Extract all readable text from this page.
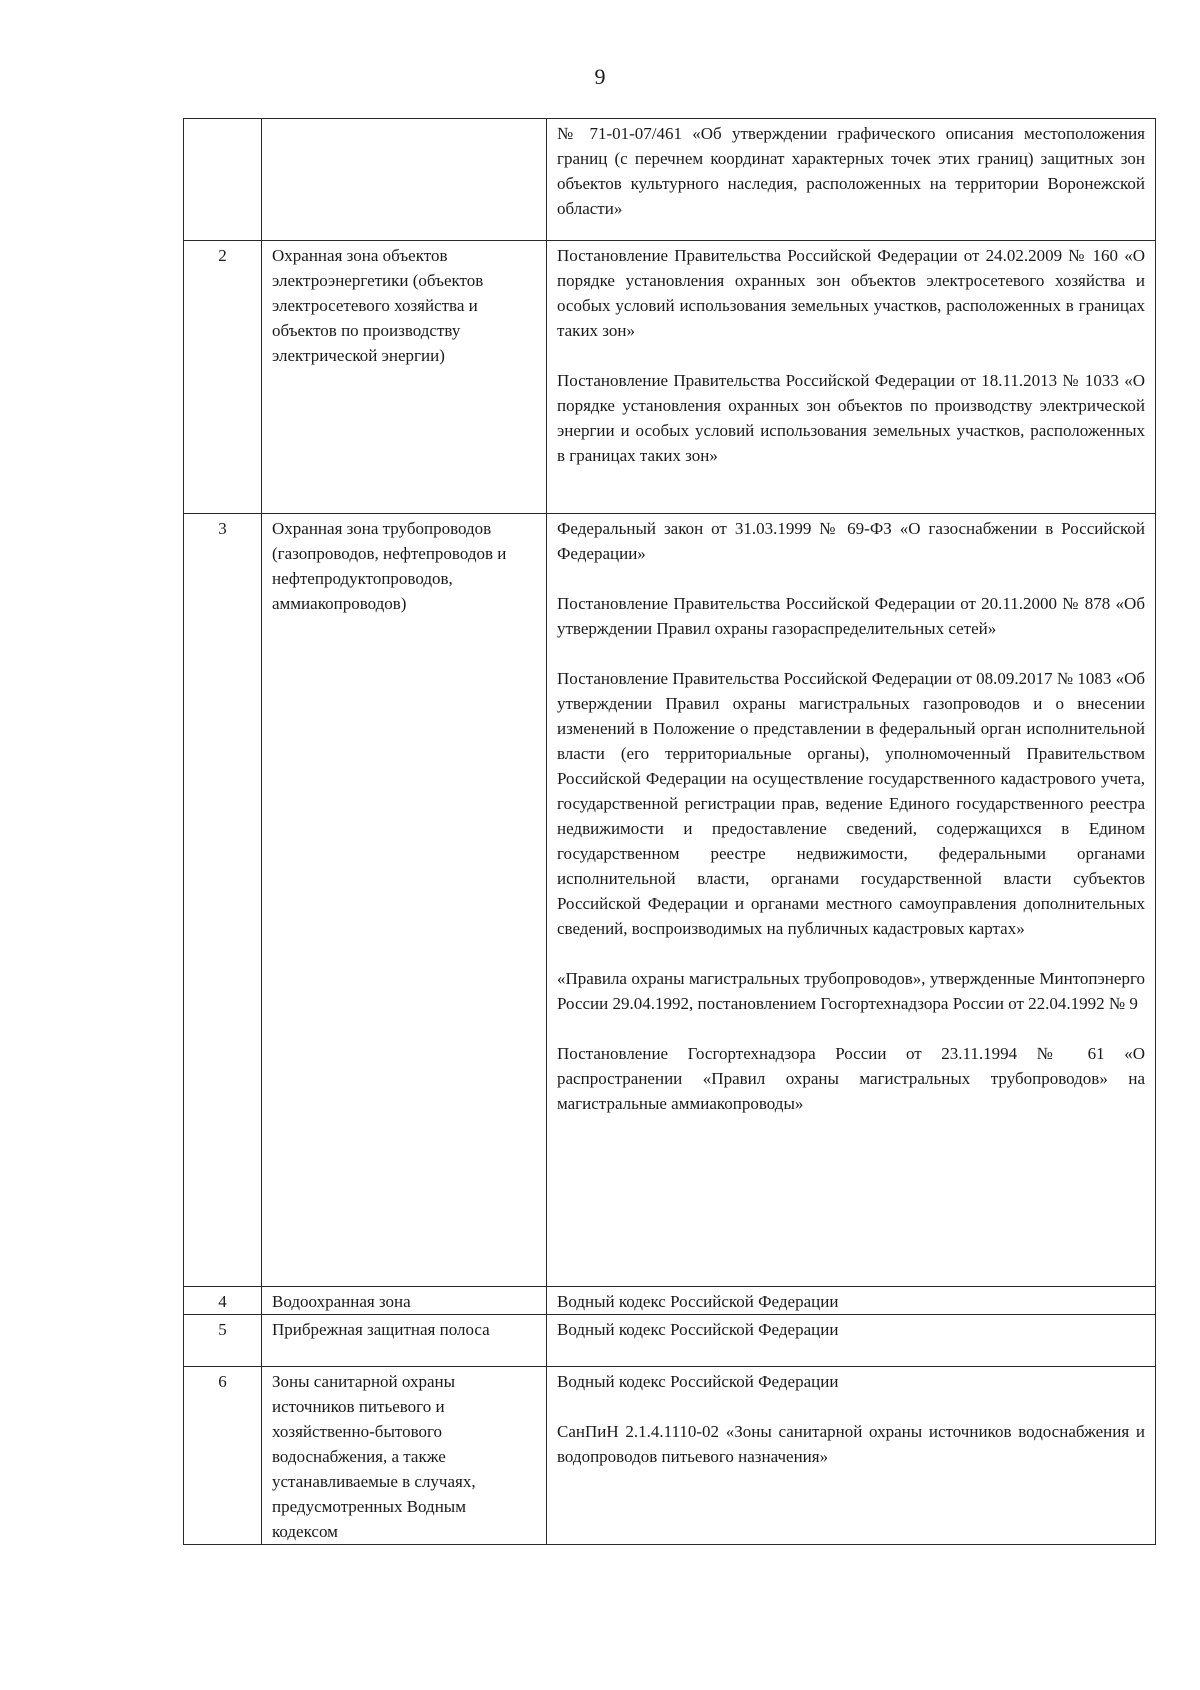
9

		№ 71-01-07/461 «Об утверждении графического описания местоположения границ (с перечнем координат характерных точек этих границ) защитных зон объектов культурного наследия, расположенных на территории Воронежской области»

2	Охранная зона объектов электроэнергетики (объектов электросетевого хозяйства и объектов по производству электрической энергии)	Постановление Правительства Российской Федерации от 24.02.2009 № 160 «О порядке установления охранных зон объектов электросетевого хозяйства и особых условий использования земельных участков, расположенных в границах таких зон»
Постановление Правительства Российской Федерации от 18.11.2013 № 1033 «О порядке установления охранных зон объектов по производству электрической энергии и особых условий использования земельных участков, расположенных в границах таких зон»

3	Охранная зона трубопроводов (газопроводов, нефтепроводов и нефтепродуктопроводов, аммиакопроводов)	Федеральный закон от 31.03.1999 № 69-ФЗ «О газоснабжении в Российской Федерации»
Постановление Правительства Российской Федерации от 20.11.2000 № 878 «Об утверждении Правил охраны газораспределительных сетей»
Постановление Правительства Российской Федерации от 08.09.2017 № 1083 «Об утверждении Правил охраны магистральных газопроводов и о внесении изменений в Положение о представлении в федеральный орган исполнительной власти (его территориальные органы), уполномоченный Правительством Российской Федерации на осуществление государственного кадастрового учета, государственной регистрации прав, ведение Единого государственного реестра недвижимости и предоставление сведений, содержащихся в Едином государственном реестре недвижимости, федеральными органами исполнительной власти, органами государственной власти субъектов Российской Федерации и органами местного самоуправления дополнительных сведений, воспроизводимых на публичных кадастровых картах»
«Правила охраны магистральных трубопроводов», утвержденные Минтопэнерго России 29.04.1992, постановлением Госгортехнадзора России от 22.04.1992 № 9
Постановление Госгортехнадзора России от 23.11.1994 № 61 «О распространении «Правил охраны магистральных трубопроводов» на магистральные аммиакопроводы»

4	Водоохранная зона	Водный кодекс Российской Федерации

5	Прибрежная защитная полоса	Водный кодекс Российской Федерации

6	Зоны санитарной охраны источников питьевого и хозяйственно-бытового водоснабжения, а также устанавливаемые в случаях, предусмотренных Водным кодексом	Водный кодекс Российской Федерации
СанПиН 2.1.4.1110-02 «Зоны санитарной охраны источников водоснабжения и водопроводов питьевого назначения»
